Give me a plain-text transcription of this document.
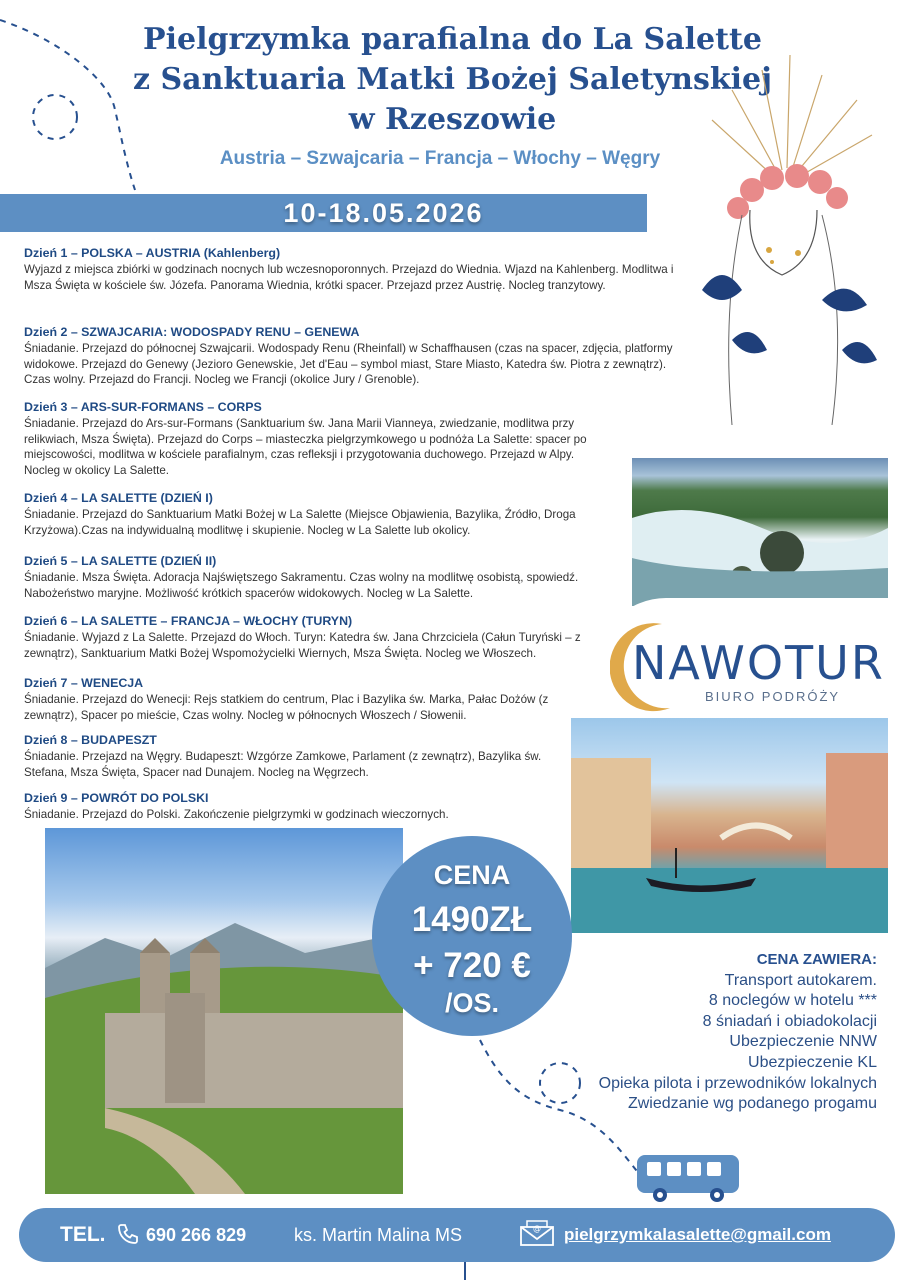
Pielgrzymka parafialna do La Salette
z Sanktuaria Matki Bożej Saletynskiej
w Rzeszowie
Austria – Szwajcaria – Francja – Włochy – Węgry
10-18.05.2026
Dzień 1 – POLSKA – AUSTRIA (Kahlenberg)
Wyjazd z miejsca zbiórki w godzinach nocnych lub wczesnoporonnych. Przejazd do Wiednia. Wjazd na Kahlenberg. Modlitwa i Msza Święta w kościele św. Józefa. Panorama Wiednia, krótki spacer. Przejazd przez Austrię. Nocleg tranzytowy.
Dzień 2 – SZWAJCARIA: WODOSPADY RENU – GENEWA
Śniadanie. Przejazd do północnej Szwajcarii. Wodospady Renu (Rheinfall) w Schaffhausen (czas na spacer, zdjęcia, platformy widokowe. Przejazd do Genewy (Jezioro Genewskie, Jet d'Eau – symbol miast, Stare Miasto, Katedra św. Piotra z zewnątrz). Czas wolny. Przejazd do Francji. Nocleg we Francji (okolice Jury / Grenoble).
Dzień 3 – ARS-SUR-FORMANS – CORPS
Śniadanie. Przejazd do Ars-sur-Formans (Sanktuarium św. Jana Marii Vianneya, zwiedzanie, modlitwa przy relikwiach, Msza Święta). Przejazd do Corps – miasteczka pielgrzymkowego u podnóża La Salette: spacer po miejscowości, modlitwa w kościele parafialnym, czas refleksji i przygotowania duchowego. Przejazd w Alpy. Nocleg w okolicy La Salette.
Dzień 4 – LA SALETTE (DZIEŃ I)
Śniadanie. Przejazd do Sanktuarium Matki Bożej w La Salette (Miejsce Objawienia, Bazylika, Źródło, Droga Krzyżowa).Czas na indywidualną modlitwę i skupienie. Nocleg w La Salette lub okolicy.
Dzień 5 – LA SALETTE (DZIEŃ II)
Śniadanie. Msza Święta. Adoracja Najświętszego Sakramentu. Czas wolny na modlitwę osobistą, spowiedź. Nabożeństwo maryjne. Możliwość krótkich spacerów widokowych. Nocleg w La Salette.
Dzień 6 – LA SALETTE – FRANCJA – WŁOCHY (TURYN)
Śniadanie. Wyjazd z La Salette. Przejazd do Włoch. Turyn: Katedra św. Jana Chrzciciela (Całun Turyński – z zewnątrz), Sanktuarium Matki Bożej Wspomożycielki Wiernych, Msza Święta. Nocleg we Włoszech.
Dzień 7 – WENECJA
Śniadanie. Przejazd do Wenecji: Rejs statkiem do centrum, Plac i Bazylika św. Marka, Pałac Dożów (z zewnątrz), Spacer po mieście, Czas wolny. Nocleg w północnych Włoszech / Słowenii.
Dzień 8 – BUDAPESZT
Śniadanie. Przejazd na Węgry. Budapeszt: Wzgórze Zamkowe, Parlament (z zewnątrz), Bazylika św. Stefana, Msza Święta, Spacer nad Dunajem. Nocleg na Węgrzech.
Dzień 9 – POWRÓT DO POLSKI
Śniadanie. Przejazd do Polski. Zakończenie pielgrzymki w godzinach wieczornych.
NAWOTUR
BIURO PODRÓŻY
CENA
1490ZŁ
+ 720 €
/OS.
CENA ZAWIERA:
Transport autokarem.
8 noclegów w hotelu ***
8 śniadań i obiadokolacji
Ubezpieczenie NNW
Ubezpieczenie KL
Opieka pilota i przewodników lokalnych
Zwiedzanie wg podanego progamu
TEL. 690 266 829	ks. Martin Malina MS	@ pielgrzymkalasalette@gmail.com
